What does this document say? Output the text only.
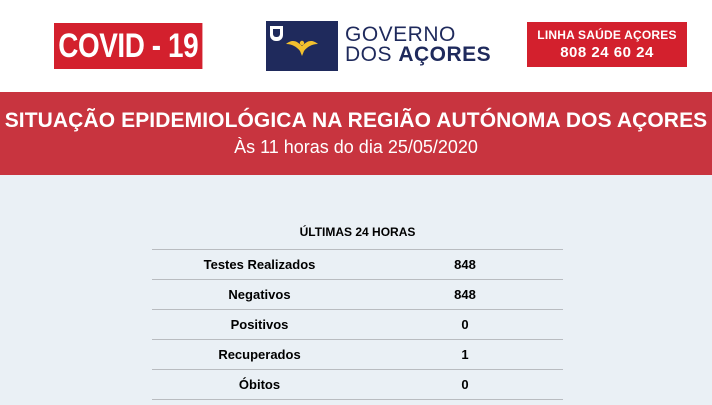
COVID - 19	GOVERNO
DOS AÇORES
LINHA SAÚDE AÇORES
808 24 60 24
SITUAÇÃO EPIDEMIOLÓGICA NA REGIÃO AUTÓNOMA DOS AÇORES
Às 11 horas do dia 25/05/2020
ÚLTIMAS 24 HORAS
Testes Realizados	848
Negativos	848
Positivos	0
Recuperados	1
Óbitos	0
